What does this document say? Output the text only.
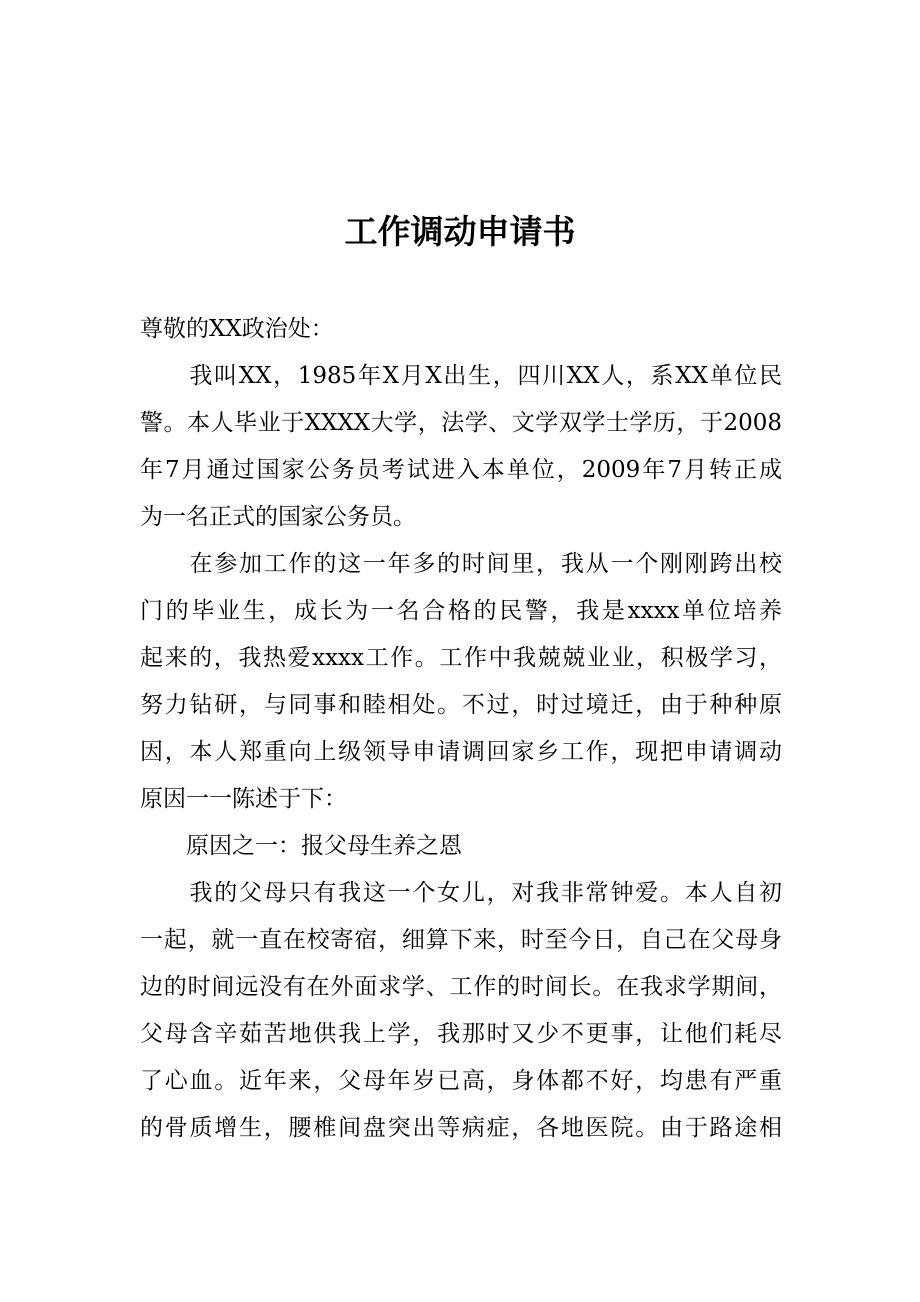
工作调动申请书
尊敬的XX政治处：
　　我叫XX，1985年X月X出生，四川XX人，系XX单位民
警。本人毕业于XXXX大学，法学、文学双学士学历，于2008
年7月通过国家公务员考试进入本单位，2009年7月转正成
为一名正式的国家公务员。
　　在参加工作的这一年多的时间里，我从一个刚刚跨出校
门的毕业生，成长为一名合格的民警，我是xxxx单位培养
起来的，我热爱xxxx工作。工作中我兢兢业业，积极学习，
努力钻研，与同事和睦相处。不过，时过境迁，由于种种原
因，本人郑重向上级领导申请调回家乡工作，现把申请调动
原因一一陈述于下：
　　原因之一：报父母生养之恩
　　我的父母只有我这一个女儿，对我非常钟爱。本人自初
一起，就一直在校寄宿，细算下来，时至今日，自己在父母身
边的时间远没有在外面求学、工作的时间长。在我求学期间，
父母含辛茹苦地供我上学，我那时又少不更事，让他们耗尽
了心血。近年来，父母年岁已高，身体都不好，均患有严重
的骨质增生，腰椎间盘突出等病症，各地医院。由于路途相
